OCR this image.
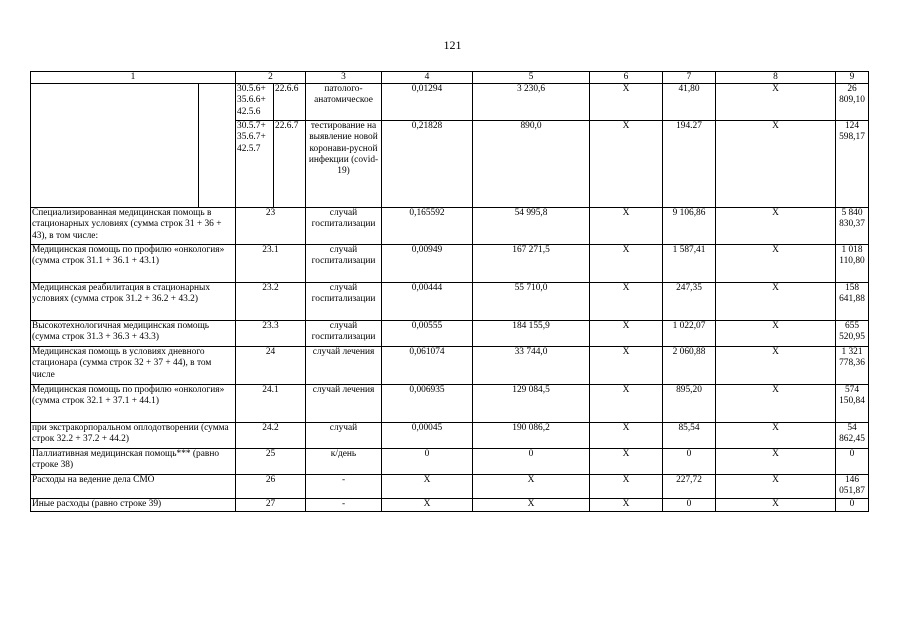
121
1		2		3	4	5	6	7	8	9	
		30.5.6+ 35.6.6+ 42.5.6	22.6.6	патолого-анатомическое	0,01294	3 230,6	X	41,80	X	26 809,10	
		30.5.7+ 35.6.7+ 42.5.7	22.6.7	тестирование на выявление новой коронави-русной инфекции (covid-19)	0,21828	890,0	X	194.27	X	124 598,17	
Специализированная медицинская помощь в стационарных условиях (сумма строк 31 + 36 + 43), в том числе:		23		случай госпитализации	0,165592	54 995,8	X	9 106,86	X	5 840 830,37	
Медицинская помощь по профилю «онкология» (сумма строк 31.1 + 36.1 + 43.1)		23.1		случай госпитализации	0,00949	167 271,5	X	1 587,41	X	1 018 110,80	
Медицинская реабилитация в стационарных условиях (сумма строк 31.2 + 36.2 + 43.2)		23.2		случай госпитализации	0,00444	55 710,0	X	247,35	X	158 641,88	
Высокотехнологичная медицинская помощь (сумма строк 31.3 + 36.3 + 43.3)		23.3		случай госпитализации	0,00555	184 155,9	X	1 022,07	X	655 520,95	
Медицинская помощь в условиях дневного стационара (сумма строк 32 + 37 + 44), в том числе		24		случай лечения	0,061074	33 744,0	X	2 060,88	X	1 321 778,36	
Медицинская помощь по профилю «онкология» (сумма строк 32.1 + 37.1 + 44.1)		24.1		случай лечения	0,006935	129 084,5	X	895,20	X	574 150,84	
при экстракорпоральном оплодотворении (сумма строк 32.2 + 37.2 + 44.2)		24.2		случай	0,00045	190 086,2	X	85,54	X	54 862,45	
Паллиативная медицинская помощь*** (равно строке 38)		25		к/день	0	0	X	0	X	0	
Расходы на ведение дела СМО		26		-	X	X	X	227,72	X	146 051,87	
Иные расходы (равно строке 39)		27		-	X	X	X	0	X	0	
